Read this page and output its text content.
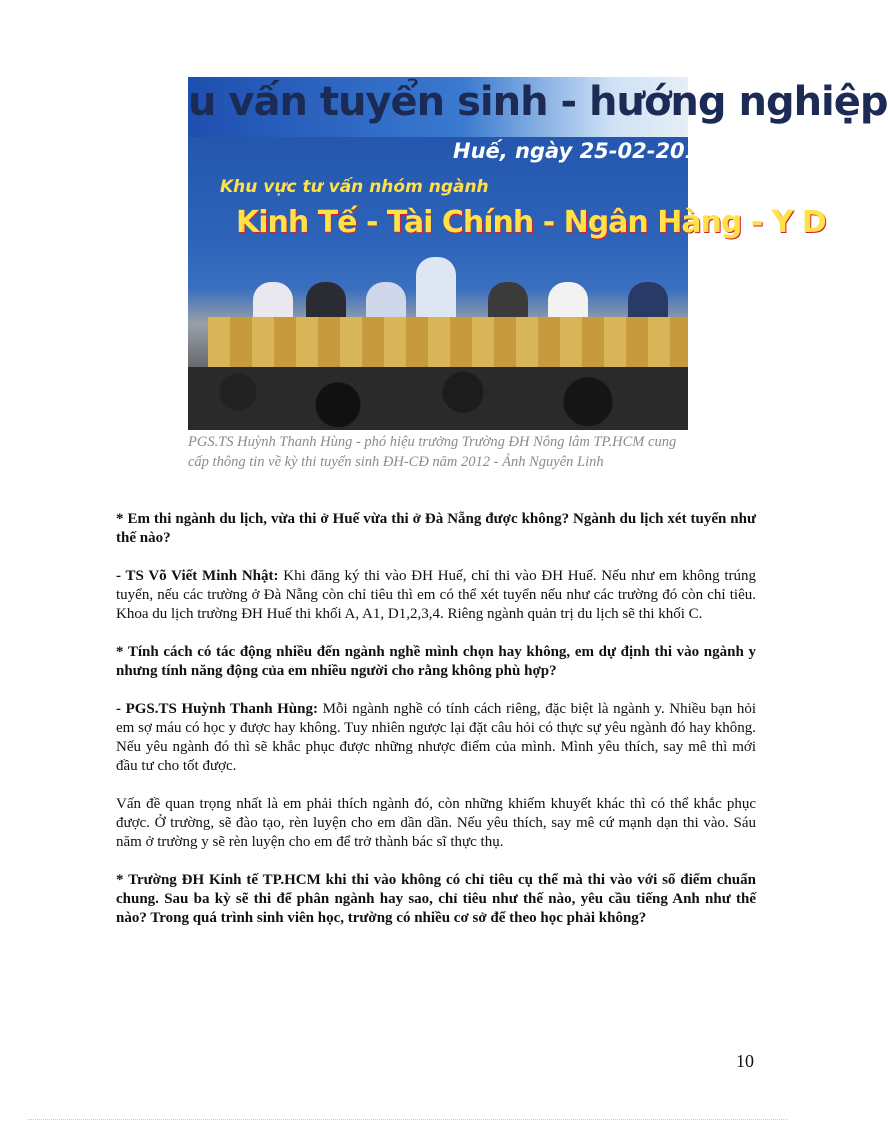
u vấn tuyển sinh - hướng nghiệp
Huế, ngày 25-02-2012
Khu vực tư vấn nhóm ngành
Kinh Tế - Tài Chính - Ngân Hàng - Y D
PGS.TS Huỳnh Thanh Hùng - phó hiệu trưởng Trường ĐH Nông lâm TP.HCM cung cấp thông tin về kỳ thi tuyển sinh ĐH-CĐ năm 2012 - Ảnh Nguyên Linh
* Em thi ngành du lịch, vừa thi ở Huế vừa thi ở Đà Nẵng được không? Ngành du lịch xét tuyển như thế nào?
- TS Võ Viết Minh Nhật: Khi đăng ký thi vào ĐH Huế, chỉ thi vào ĐH Huế. Nếu như em không trúng tuyển, nếu các trường ở Đà Nẵng còn chỉ tiêu thì em có thể xét tuyển nếu như các trường đó còn chỉ tiêu. Khoa du lịch trường ĐH Huế thi khối A, A1, D1,2,3,4. Riêng ngành quản trị du lịch sẽ thi khối C.
* Tính cách có tác động nhiều đến ngành nghề mình chọn hay không, em dự định thi vào ngành y nhưng tính năng động của em nhiều người cho rằng không phù hợp?
- PGS.TS Huỳnh Thanh Hùng: Mỗi ngành nghề có tính cách riêng, đặc biệt là ngành y. Nhiều bạn hỏi em sợ máu có học y được hay không. Tuy nhiên ngược lại đặt câu hỏi có thực sự yêu ngành đó hay không. Nếu yêu ngành đó thì sẽ khắc phục được những nhược điểm của mình. Mình yêu thích, say mê thì mới đầu tư cho tốt được.
Vấn đề quan trọng nhất là em phải thích ngành đó, còn những khiếm khuyết khác thì có thể khắc phục được. Ở trường, sẽ đào tạo, rèn luyện cho em dần dần. Nếu yêu thích, say mê cứ mạnh dạn thi vào. Sáu năm ở trường y sẽ rèn luyện cho em để trở thành bác sĩ thực thụ.
* Trường ĐH Kinh tế TP.HCM khi thi vào không có chỉ tiêu cụ thể mà thi vào với số điểm chuẩn chung. Sau ba kỳ sẽ thi để phân ngành hay sao, chỉ tiêu như thế nào, yêu cầu tiếng Anh như thế nào? Trong quá trình sinh viên học, trường có nhiều cơ sở để theo học phải không?
10
